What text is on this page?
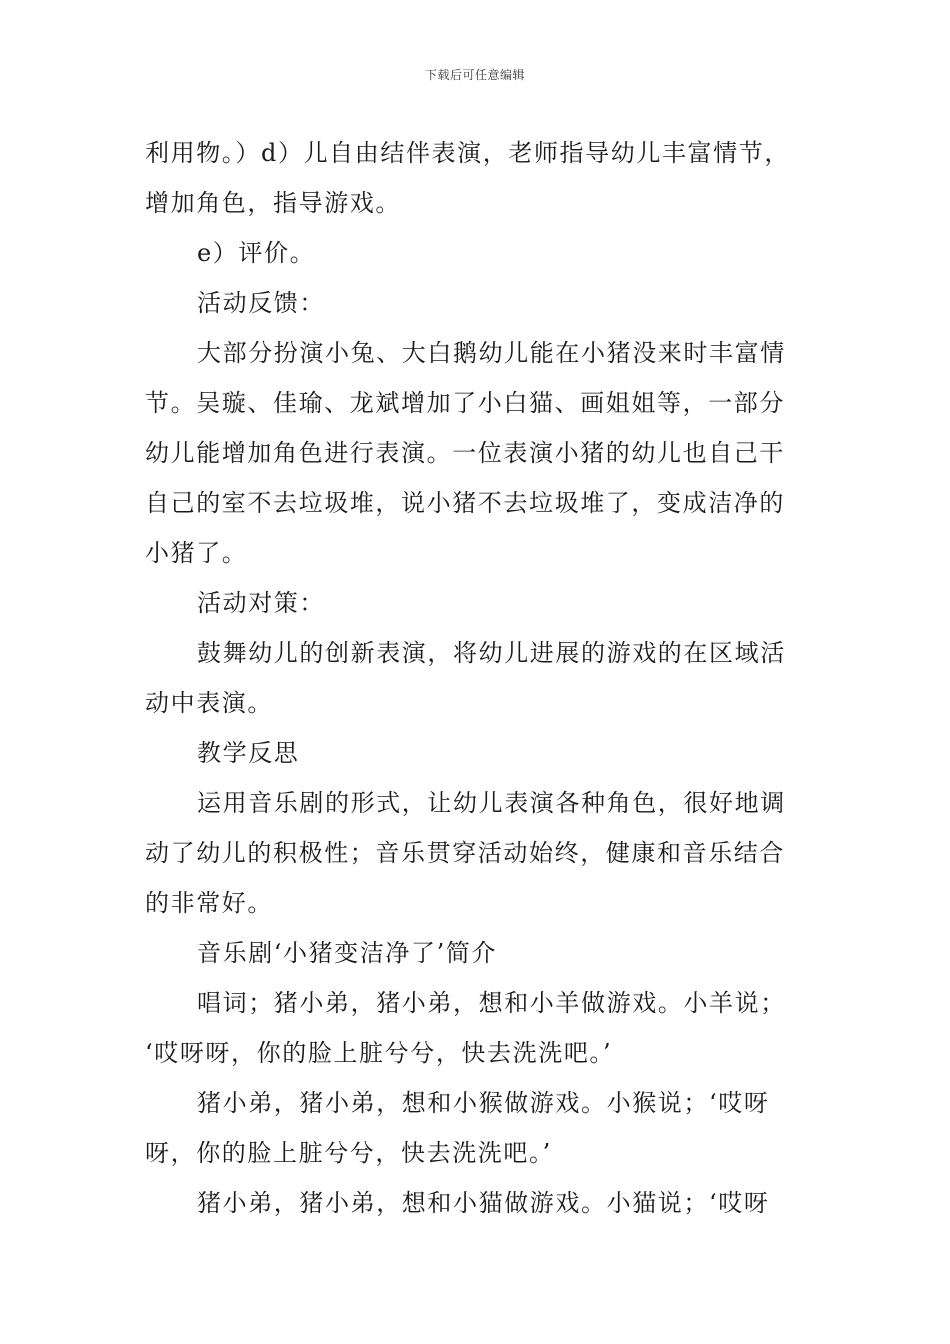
下载后可任意编辑
利用物。）d）儿自由结伴表演，老师指导幼儿丰富情节，
增加角色，指导游戏。
e）评价。
活动反馈：
大部分扮演小兔、大白鹅幼儿能在小猪没来时丰富情
节。吴璇、佳瑜、龙斌增加了小白猫、画姐姐等，一部分
幼儿能增加角色进行表演。一位表演小猪的幼儿也自己干
自己的室不去垃圾堆，说小猪不去垃圾堆了，变成洁净的
小猪了。
活动对策：
鼓舞幼儿的创新表演，将幼儿进展的游戏的在区域活
动中表演。
教学反思
运用音乐剧的形式，让幼儿表演各种角色，很好地调
动了幼儿的积极性；音乐贯穿活动始终，健康和音乐结合
的非常好。
音乐剧‘小猪变洁净了’简介
唱词；猪小弟，猪小弟，想和小羊做游戏。小羊说；
‘哎呀呀，你的脸上脏兮兮，快去洗洗吧。’
猪小弟，猪小弟，想和小猴做游戏。小猴说；‘哎呀
呀，你的脸上脏兮兮，快去洗洗吧。’
猪小弟，猪小弟，想和小猫做游戏。小猫说；‘哎呀
